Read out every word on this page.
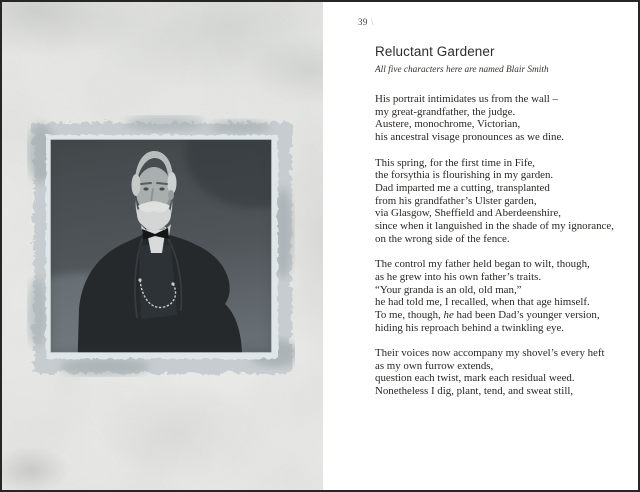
39 \
Reluctant Gardener
All five characters here are named Blair Smith
His portrait intimidates us from the wall –
my great-grandfather, the judge.
Austere, monochrome, Victorian,
his ancestral visage pronounces as we dine.
This spring, for the first time in Fife,
the forsythia is flourishing in my garden.
Dad imparted me a cutting, transplanted
from his grandfather’s Ulster garden,
via Glasgow, Sheffield and Aberdeenshire,
since when it languished in the shade of my ignorance,
on the wrong side of the fence.
The control my father held began to wilt, though,
as he grew into his own father’s traits.
“Your granda is an old, old man,”
he had told me, I recalled, when that age himself.
To me, though, he had been Dad’s younger version,
hiding his reproach behind a twinkling eye.
Their voices now accompany my shovel’s every heft
as my own furrow extends,
question each twist, mark each residual weed.
Nonetheless I dig, plant, tend, and sweat still,
